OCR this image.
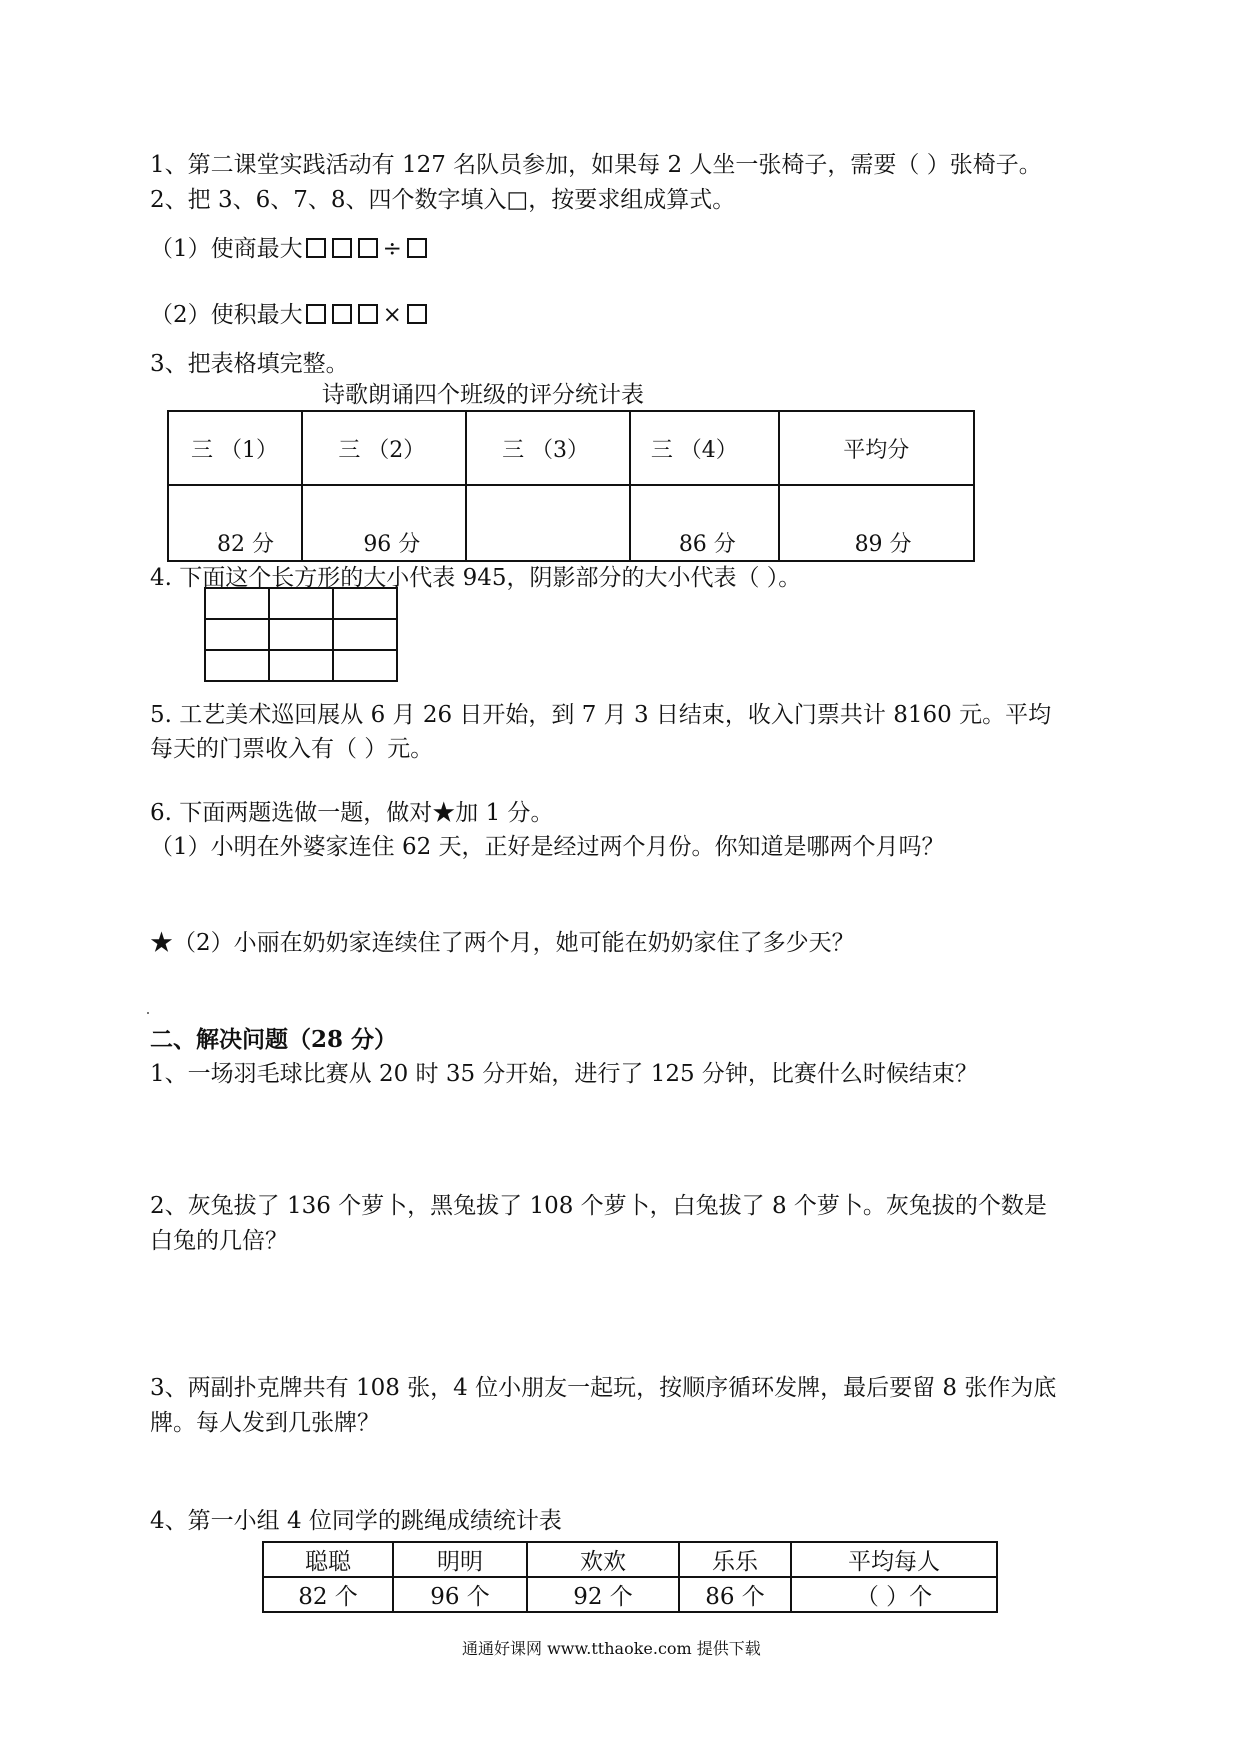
1、第二课堂实践活动有 127 名队员参加，如果每 2 人坐一张椅子，需要（ ）张椅子。
2、把 3、6、7、8、四个数字填入□，按要求组成算式。
（1）使商最大	÷
（2）使积最大	×
3、把表格填完整。
诗歌朗诵四个班级的评分统计表
三 （1）	三 （2）	三 （3）	三 （4）	平均分
82 分	96 分		86 分	89 分
4. 下面这个长方形的大小代表 945，阴影部分的大小代表（ ）。

5. 工艺美术巡回展从 6 月 26 日开始，到 7 月 3 日结束，收入门票共计 8160 元。平均
每天的门票收入有（ ）元。
6. 下面两题选做一题，做对★加 1 分。
（1）小明在外婆家连住 62 天，正好是经过两个月份。你知道是哪两个月吗？
★（2）小丽在奶奶家连续住了两个月，她可能在奶奶家住了多少天？
二、解决问题（28 分）
1、一场羽毛球比赛从 20 时 35 分开始，进行了 125 分钟，比赛什么时候结束？
2、灰兔拔了 136 个萝卜，黑兔拔了 108 个萝卜，白兔拔了 8 个萝卜。灰兔拔的个数是
白兔的几倍？
3、两副扑克牌共有 108 张，4 位小朋友一起玩，按顺序循环发牌，最后要留 8 张作为底
牌。每人发到几张牌？
4、第一小组 4 位同学的跳绳成绩统计表
聪聪	明明	欢欢	乐乐	平均每人
82 个	96 个	92 个	86 个	（ ）个
通通好课网 www.tthaoke.com 提供下载
